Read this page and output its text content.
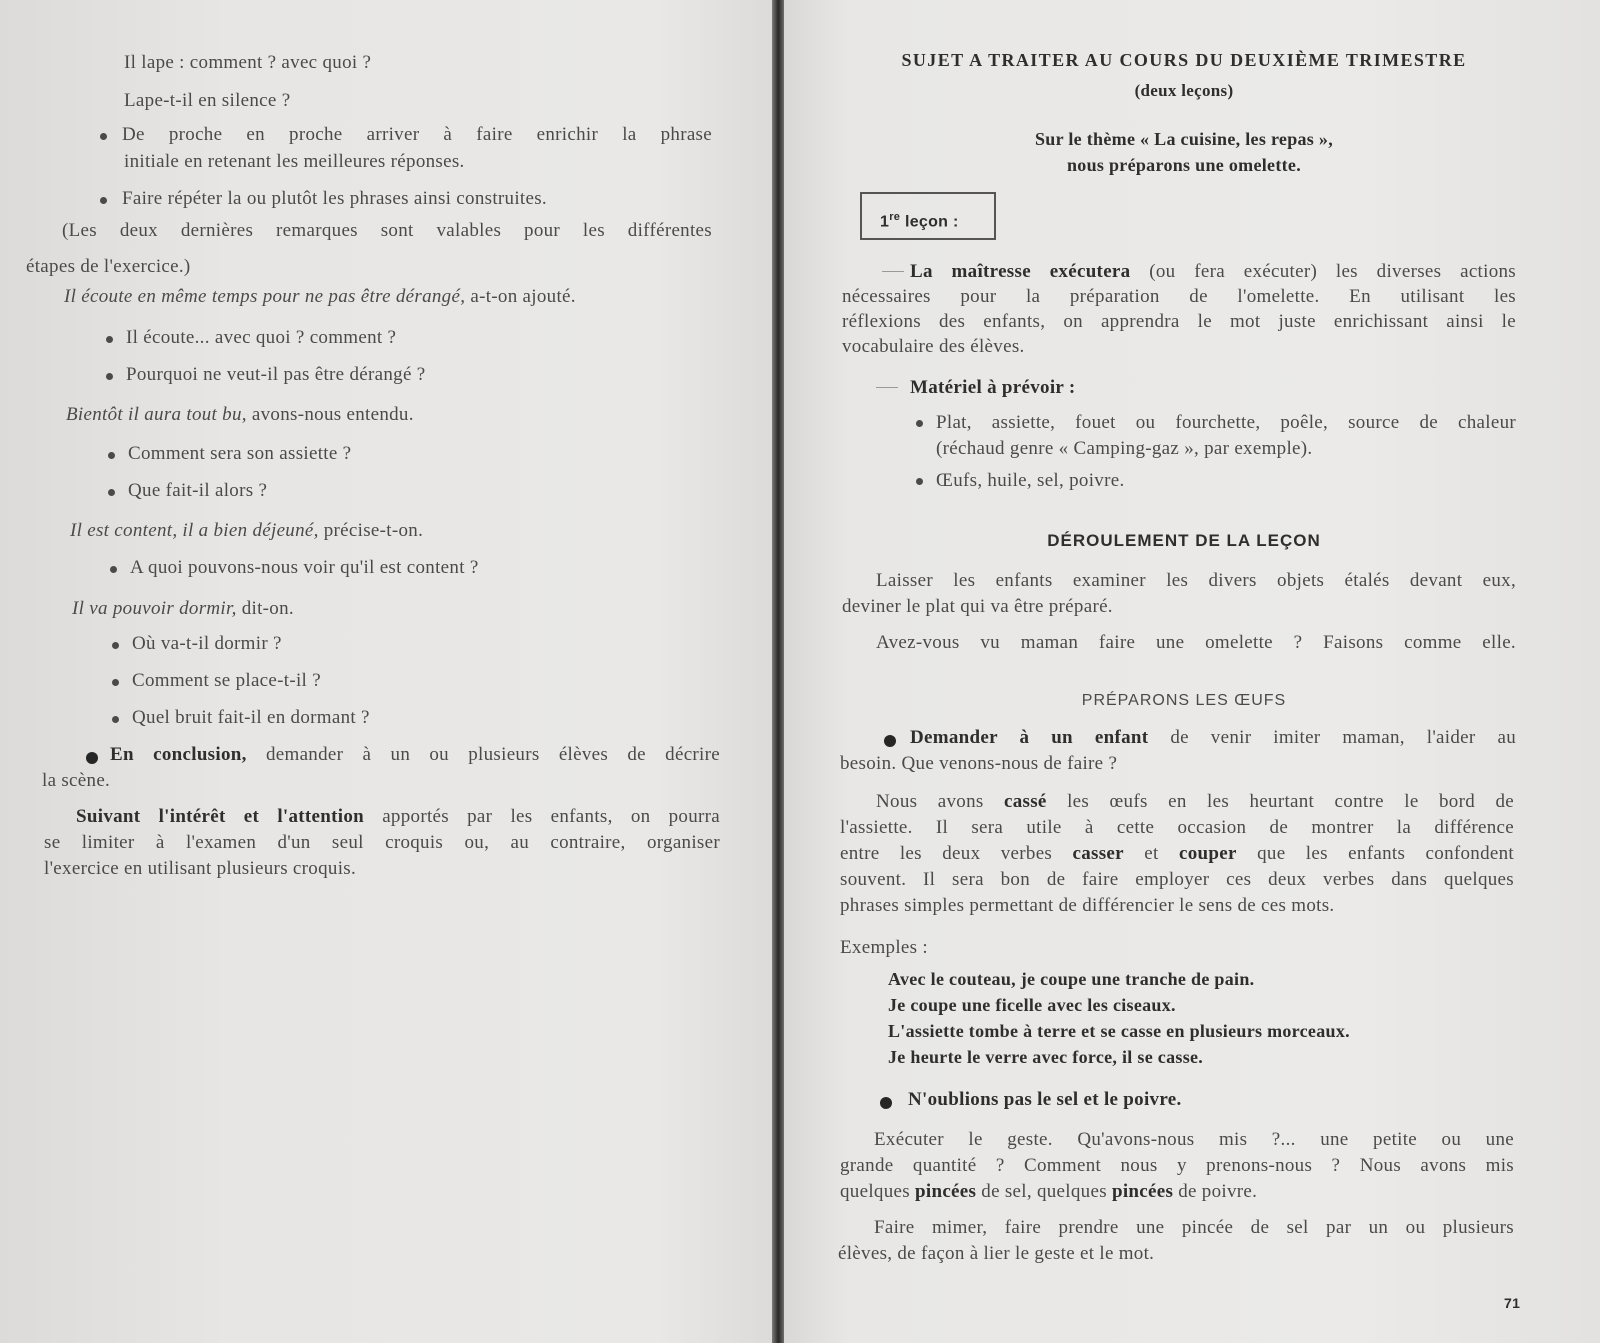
Il lape : comment ? avec quoi ?
Lape-t-il en silence ?
De proche en proche arriver à faire enrichir la phrase
initiale en retenant les meilleures réponses.
Faire répéter la ou plutôt les phrases ainsi construites.
(Les deux dernières remarques sont valables pour les différentes
étapes de l'exercice.)
Il écoute en même temps pour ne pas être dérangé, a-t-on ajouté.
Il écoute... avec quoi ? comment ?
Pourquoi ne veut-il pas être dérangé ?
Bientôt il aura tout bu, avons-nous entendu.
Comment sera son assiette ?
Que fait-il alors ?
Il est content, il a bien déjeuné, précise-t-on.
A quoi pouvons-nous voir qu'il est content ?
Il va pouvoir dormir, dit-on.
Où va-t-il dormir ?
Comment se place-t-il ?
Quel bruit fait-il en dormant ?
En conclusion, demander à un ou plusieurs élèves de décrire
la scène.
Suivant l'intérêt et l'attention apportés par les enfants, on pourra
se limiter à l'examen d'un seul croquis ou, au contraire, organiser
l'exercice en utilisant plusieurs croquis.
SUJET A TRAITER AU COURS DU DEUXIÈME TRIMESTRE
(deux leçons)
Sur le thème « La cuisine, les repas »,
nous préparons une omelette.
1re leçon :
La maîtresse exécutera (ou fera exécuter) les diverses actions
nécessaires pour la préparation de l'omelette. En utilisant les
réflexions des enfants, on apprendra le mot juste enrichissant ainsi le
vocabulaire des élèves.
Matériel à prévoir :
Plat, assiette, fouet ou fourchette, poêle, source de chaleur
(réchaud genre « Camping-gaz », par exemple).
Œufs, huile, sel, poivre.
DÉROULEMENT DE LA LEÇON
Laisser les enfants examiner les divers objets étalés devant eux,
deviner le plat qui va être préparé.
Avez-vous vu maman faire une omelette ? Faisons comme elle.
PRÉPARONS LES ŒUFS
Demander à un enfant de venir imiter maman, l'aider au
besoin. Que venons-nous de faire ?
Nous avons cassé les œufs en les heurtant contre le bord de
l'assiette. Il sera utile à cette occasion de montrer la différence
entre les deux verbes casser et couper que les enfants confondent
souvent. Il sera bon de faire employer ces deux verbes dans quelques
phrases simples permettant de différencier le sens de ces mots.
Exemples :
Avec le couteau, je coupe une tranche de pain.
Je coupe une ficelle avec les ciseaux.
L'assiette tombe à terre et se casse en plusieurs morceaux.
Je heurte le verre avec force, il se casse.
N'oublions pas le sel et le poivre.
Exécuter le geste. Qu'avons-nous mis ?... une petite ou une
grande quantité ? Comment nous y prenons-nous ? Nous avons mis
quelques pincées de sel, quelques pincées de poivre.
Faire mimer, faire prendre une pincée de sel par un ou plusieurs
élèves, de façon à lier le geste et le mot.
71
